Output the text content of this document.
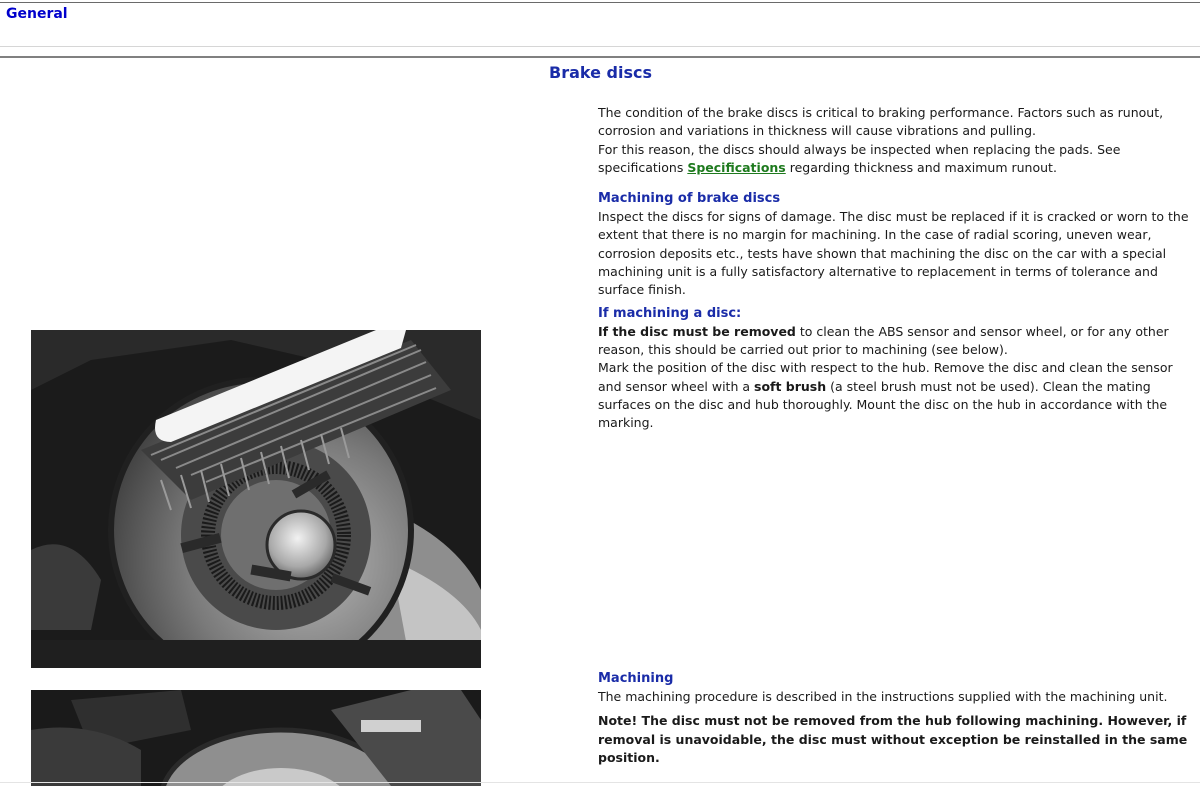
General
Brake discs

The condition of the brake discs is critical to braking performance. Factors such as runout, corrosion and variations in thickness will cause vibrations and pulling.

For this reason, the discs should always be inspected when replacing the pads. See specifications Specifications regarding thickness and maximum runout.

Machining of brake discs

Inspect the discs for signs of damage. The disc must be replaced if it is cracked or worn to the extent that there is no margin for machining. In the case of radial scoring, uneven wear, corrosion deposits etc., tests have shown that machining the disc on the car with a special machining unit is a fully satisfactory alternative to replacement in terms of tolerance and surface finish.

If machining a disc:

If the disc must be removed to clean the ABS sensor and sensor wheel, or for any other reason, this should be carried out prior to machining (see below).

Mark the position of the disc with respect to the hub. Remove the disc and clean the sensor and sensor wheel with a soft brush (a steel brush must not be used). Clean the mating surfaces on the disc and hub thoroughly. Mount the disc on the hub in accordance with the marking.

Machining

The machining procedure is described in the instructions supplied with the machining unit.

Note! The disc must not be removed from the hub following machining. However, if removal is unavoidable, the disc must without exception be reinstalled in the same position.
